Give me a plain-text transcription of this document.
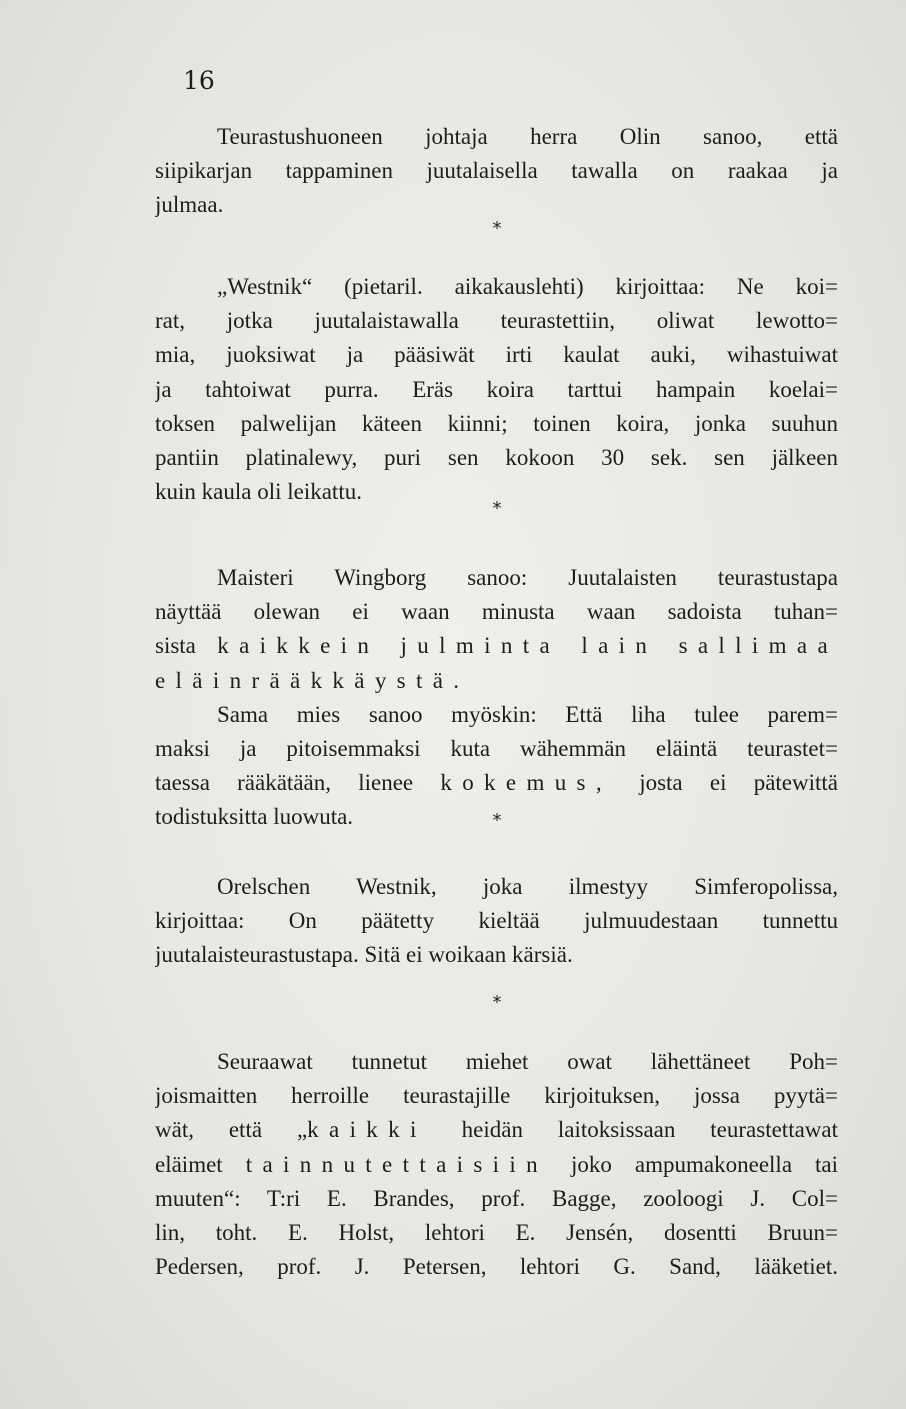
16
Teurastushuoneen johtaja herra Olin sanoo, että
siipikarjan tappaminen juutalaisella tawalla on raakaa ja
julmaa.
*
„Westnik“ (pietaril. aikakauslehti) kirjoittaa: Ne koi=
rat, jotka juutalaistawalla teurastettiin, oliwat lewotto=
mia, juoksiwat ja pääsiwät irti kaulat auki, wihastuiwat
ja tahtoiwat purra. Eräs koira tarttui hampain koelai=
toksen palwelijan käteen kiinni; toinen koira, jonka suuhun
pantiin platinalewy, puri sen kokoon 30 sek. sen jälkeen
kuin kaula oli leikattu.
*
Maisteri Wingborg sanoo: Juutalaisten teurastustapa
näyttää olewan ei waan minusta waan sadoista tuhan=
sista kaikkein julminta lain sallimaa
eläinrääkkäystä.
Sama mies sanoo myöskin: Että liha tulee parem=
maksi ja pitoisemmaksi kuta wähemmän eläintä teurastet=
taessa rääkätään, lienee kokemus, josta ei pätewittä
todistuksitta luowuta.	*
Orelschen Westnik, joka ilmestyy Simferopolissa,
kirjoittaa: On päätetty kieltää julmuudestaan tunnettu
juutalaisteurastustapa. Sitä ei woikaan kärsiä.
*
Seuraawat tunnetut miehet owat lähettäneet Poh=
joismaitten herroille teurastajille kirjoituksen, jossa pyytä=
wät, että „kaikki heidän laitoksissaan teurastettawat
eläimet tainnutettaisiin joko ampumakoneella tai
muuten“: T:ri E. Brandes, prof. Bagge, zooloogi J. Col=
lin, toht. E. Holst, lehtori E. Jensén, dosentti Bruun=
Pedersen, prof. J. Petersen, lehtori G. Sand, lääketiet.
